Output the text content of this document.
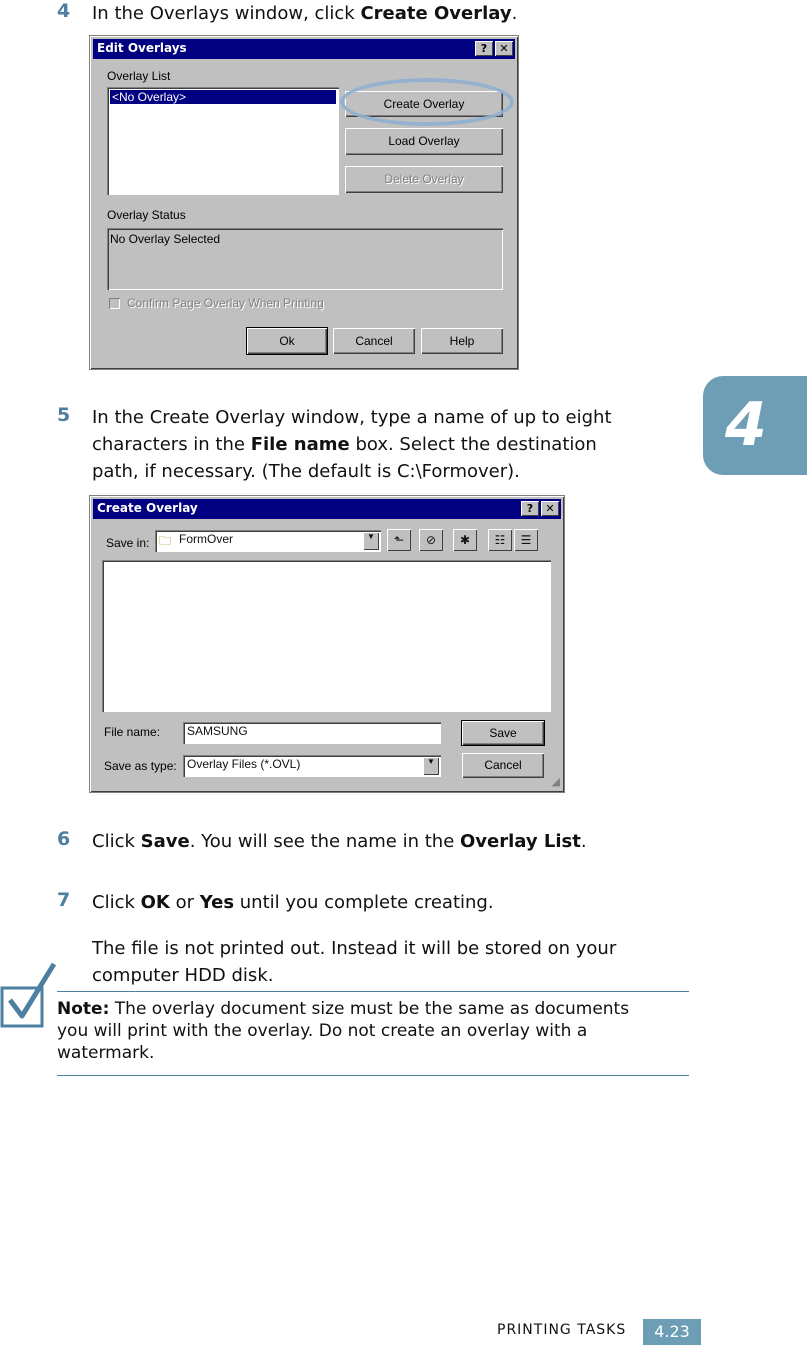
4
4 In the Overlays window, click Create Overlay.
Edit Overlays	?	✕
Overlay List
<No Overlay>	Create Overlay
Load Overlay
Delete Overlay
Overlay Status
No Overlay Selected
Confirm Page Overlay When Printing
Ok	Cancel	Help
5 In the Create Overlay window, type a name of up to eight
characters in the File name box. Select the destination
path, if necessary. (The default is C:\Formover).
Create Overlay	?	✕
Save in: 🗀 FormOver	▼	⬑	⊘	✱	☷	☰
File name: SAMSUNG
Save as type: Overlay Files (*.OVL)	▼
Save
Cancel
◢
6 Click Save. You will see the name in the Overlay List.
7 Click OK or Yes until you complete creating.
The file is not printed out. Instead it will be stored on your
computer HDD disk.
Note: The overlay document size must be the same as documents
you will print with the overlay. Do not create an overlay with a
watermark.
PRINTING TASKS	4.23
